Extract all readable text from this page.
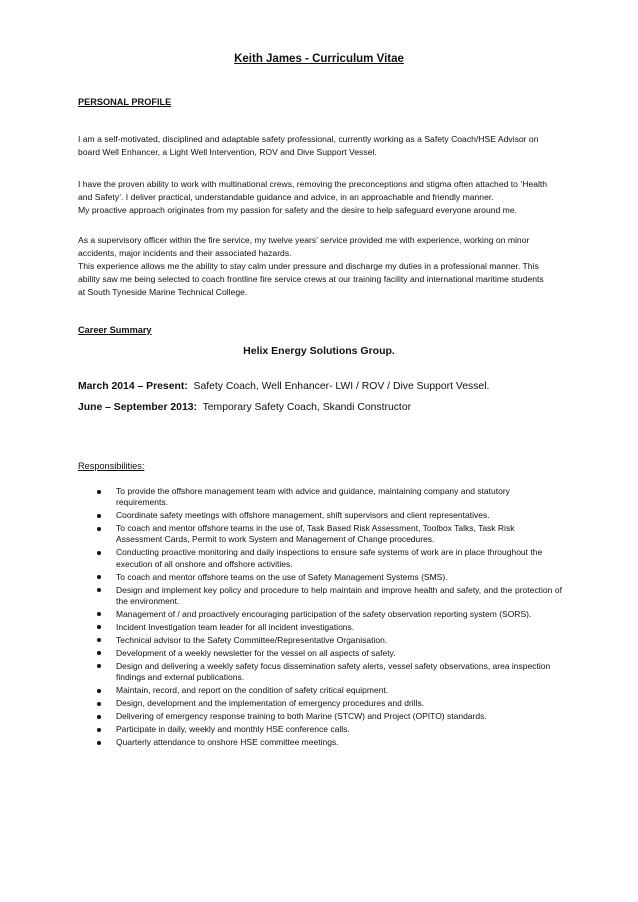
Keith James - Curriculum Vitae
PERSONAL PROFILE
I am a self-motivated, disciplined and adaptable safety professional, currently working as a Safety Coach/HSE Advisor on
board Well Enhancer, a Light Well Intervention, ROV and Dive Support Vessel.
I have the proven ability to work with multinational crews, removing the preconceptions and stigma often attached to ‘Health
and Safety’. I deliver practical, understandable guidance and advice, in an approachable and friendly manner.
My proactive approach originates from my passion for safety and the desire to help safeguard everyone around me.
As a supervisory officer within the fire service, my twelve years’ service provided me with experience, working on minor
accidents, major incidents and their associated hazards.
This experience allows me the ability to stay calm under pressure and discharge my duties in a professional manner. This
ability saw me being selected to coach frontline fire service crews at our training facility and international maritime students
at South Tyneside Marine Technical College.
Career Summary
Helix Energy Solutions Group.
March 2014 – Present: Safety Coach, Well Enhancer- LWI / ROV / Dive Support Vessel.
June – September 2013: Temporary Safety Coach, Skandi Constructor
Responsibilities:
To provide the offshore management team with advice and guidance, maintaining company and statutory requirements.
Coordinate safety meetings with offshore management, shift supervisors and client representatives.
To coach and mentor offshore teams in the use of, Task Based Risk Assessment, Toolbox Talks, Task Risk Assessment Cards, Permit to work System and Management of Change procedures.
Conducting proactive monitoring and daily inspections to ensure safe systems of work are in place throughout the execution of all onshore and offshore activities.
To coach and mentor offshore teams on the use of Safety Management Systems (SMS).
Design and implement key policy and procedure to help maintain and improve health and safety, and the protection of the environment.
Management of / and proactively encouraging participation of the safety observation reporting system (SORS).
Incident Investigation team leader for all incident investigations.
Technical advisor to the Safety Committee/Representative Organisation.
Development of a weekly newsletter for the vessel on all aspects of safety.
Design and delivering a weekly safety focus dissemination safety alerts, vessel safety observations, area inspection findings and external publications.
Maintain, record, and report on the condition of safety critical equipment.
Design, development and the implementation of emergency procedures and drills.
Delivering of emergency response training to both Marine (STCW) and Project (OPITO) standards.
Participate in daily, weekly and monthly HSE conference calls.
Quarterly attendance to onshore HSE committee meetings.
